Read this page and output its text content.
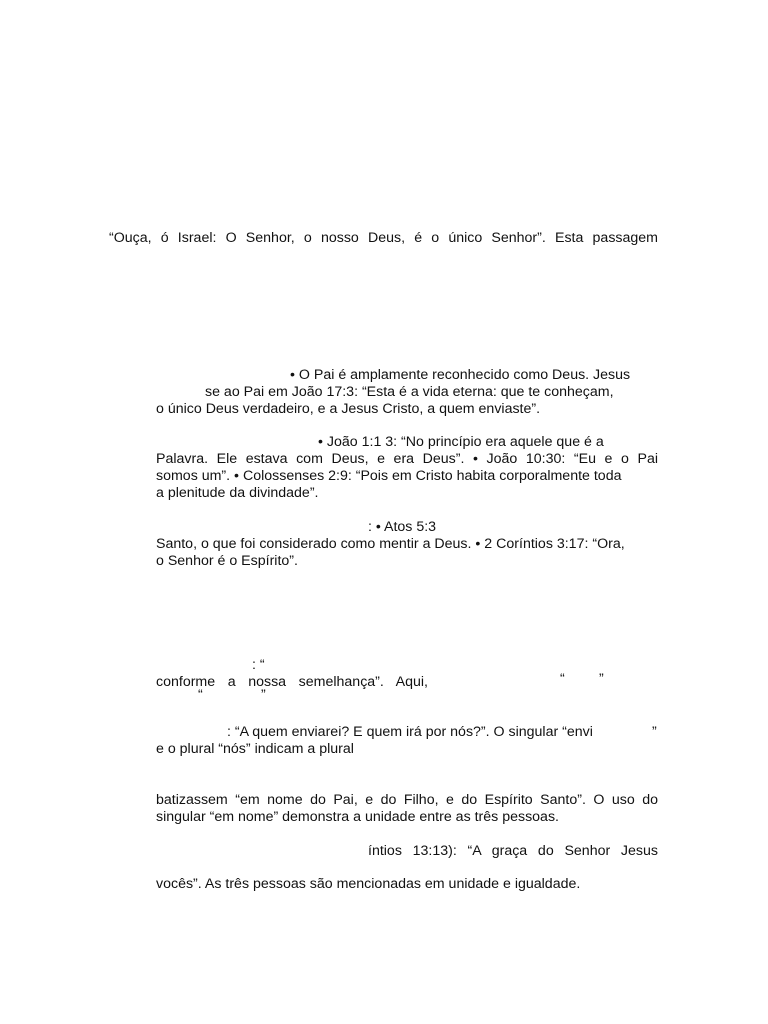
“Ouça, ó Israel: O Senhor, o nosso Deus, é o único Senhor”. Esta passagem
• O Pai é amplamente reconhecido como Deus. Jesus
se ao Pai em João 17:3: “Esta é a vida eterna: que te conheçam,
o único Deus verdadeiro, e a Jesus Cristo, a quem enviaste”.
• João 1:1 3: “No princípio era aquele que é a
Palavra. Ele estava com Deus, e era Deus”. • João 10:30: “Eu e o Pai
somos um”. • Colossenses 2:9: “Pois em Cristo habita corporalmente toda
a plenitude da divindade”.
: • Atos 5:3
Santo, o que foi considerado como mentir a Deus. • 2 Coríntios 3:17: “Ora,
o Senhor é o Espírito”.
: “
conforme a nossa semelhança”. Aqui,	“ ”
“	”
: “A quem enviarei? E quem irá por nós?”. O singular “envi	”
e o plural “nós” indicam a plural
batizassem “em nome do Pai, e do Filho, e do Espírito Santo”. O uso do
singular “em nome” demonstra a unidade entre as três pessoas.
íntios 13:13): “A graça do Senhor Jesus
vocês”. As três pessoas são mencionadas em unidade e igualdade.
